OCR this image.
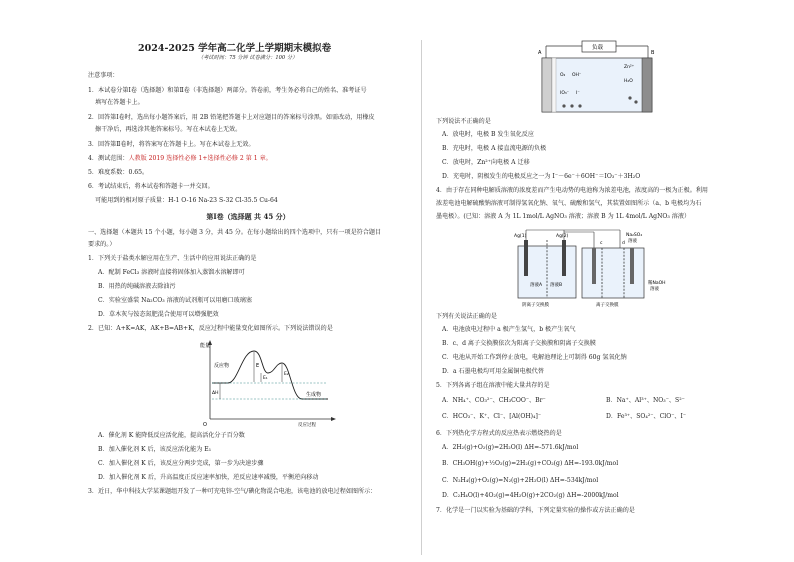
2024-2025 学年高二化学上学期期末模拟卷
（考试时间：75 分钟 试卷满分：100 分）
注意事项：
1．本试卷分第Ⅰ卷（选择题）和第Ⅱ卷（非选择题）两部分。答卷前，考生务必将自己的姓名、准考证号
填写在答题卡上。
2．回答第Ⅰ卷时，选出每小题答案后，用 2B 铅笔把答题卡上对应题目的答案标号涂黑。如需改动，用橡皮
擦干净后，再选涂其他答案标号。写在本试卷上无效。
3．回答第Ⅱ卷时，将答案写在答题卡上。写在本试卷上无效。
4．测试范围：人教版 2019 选择性必修 1+选择性必修 2 第 1 章。
5．难度系数：0.65。
6．考试结束后，将本试卷和答题卡一并交回。
可能用到的相对原子质量：H-1 O-16 Na-23 S-32 Cl-35.5 Cu-64
第Ⅰ卷（选择题 共 45 分）
一、选择题（本题共 15 个小题，每小题 3 分，共 45 分。在每小题给出的四个选项中，只有一项是符合题目
要求的。）
1．下列关于盐类水解应用在生产、生活中的应用说法正确的是
A．配制 FeCl₃ 溶液时直接将固体加入蒸馏水溶解即可
B．用热的纯碱溶液去除油污
C．实验室盛装 Na₂CO₃ 溶液的试剂瓶可以用磨口玻璃塞
D．草木灰与铵态氮肥混合使用可以增强肥效
2．已知：A+K=AK，AK+B=AB+K，反应过程中能量变化如图所示。下列说法错误的是
能量
反应过程
O
反应物
生成物
E
E₁
E₂
ΔH
A．催化剂 K 能降低反应活化能，提高活化分子百分数
B．加入催化剂 K 后，该反应活化能为 E₁
C．加入催化剂 K 后，该反应分两步完成，第一步为决速步骤
D．加入催化剂 K 后，升高温度正反应速率加快，逆反应速率减慢，平衡逆向移动
3．近日，华中科技大学某课题组开发了一种可充电锌-空气/碘化物混合电池，该电池的放电过程如图所示：
负载
A	B
O₂ OH⁻
IO₃⁻
Zn²⁺
H₂O
I⁻
下列说法不正确的是
A．放电时，电极 B 发生氧化反应
B．充电时，电极 A 接直流电源的负极
C．放电时，Zn²⁺向电极 A 迁移
D．充电时，阴极发生的电极反应之一为 I⁻－6e⁻＋6OH⁻＝IO₃⁻＋3H₂O
4．由于存在同种电解质溶液的浓度差而产生电动势的电池称为浓差电池，浓度高的一极为正极。利用
浓差电池电解硫酸钠溶液可制得氢氧化钠、氧气、硫酸和氢气，其装置如图所示（a、b 电极均为石
墨电极）。(已知：溶液 A 为 1L 1mol/L AgNO₃ 溶液；溶液 B 为 1L 4mol/L AgNO₃ 溶液）
Ag(1)	Ag(2)
溶液A 溶液B
阴离子交换膜
c	d
Na₂SO₄
溶液
稀NaOH
溶液
离子交换膜
下列有关说法正确的是
A．电池放电过程中 a 极产生氢气，b 极产生氧气
B．c、d 离子交换膜依次为阳离子交换膜和阴离子交换膜
C．电池从开始工作到停止放电，电解池理论上可制得 60g 氢氧化钠
D．a 石墨电极均可用金属铜电极代替
5．下列各离子组在溶液中能大量共存的是
A．NH₄⁺、CO₃²⁻、CH₃COO⁻、Br⁻	B．Na⁺、Al³⁺、NO₃⁻、S²⁻
C．HCO₃⁻、K⁺、Cl⁻、[Al(OH)₄]⁻	D．Fe³⁺、SO₄²⁻、ClO⁻、I⁻
6．下列热化学方程式的反应热表示燃烧热的是
A．2H₂(g)+O₂(g)=2H₂O(l) ΔH=-571.6kJ/mol
B．CH₃OH(g)+½O₂(g)=2H₂(g)+CO₂(g) ΔH=-193.0kJ/mol
C．N₂H₄(g)+O₂(g)=N₂(g)+2H₂O(l) ΔH=-534kJ/mol
D．C₂H₄O(l)+4O₂(g)=4H₂O(g)+2CO₂(g) ΔH=-2000kJ/mol
7．化学是一门以实验为基础的学科，下列定量实验的操作或方法正确的是
